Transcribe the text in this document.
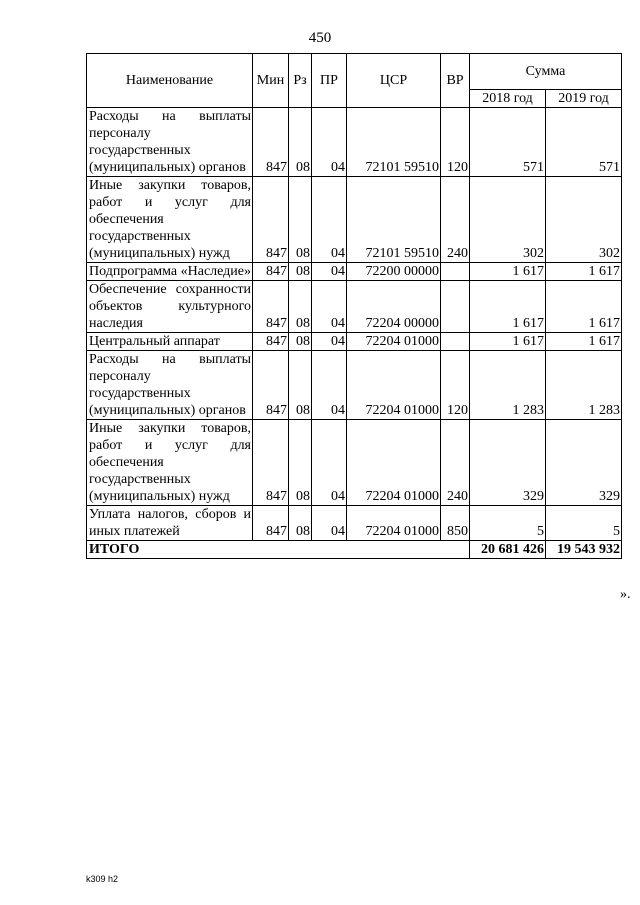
450
Наименование	Мин	Рз	ПР	ЦСР	ВР	Сумма	
						2018 год	2019 год
Расходы на выплаты персоналу государственных (муниципальных) органов	847	08	04	72101 59510	120	571	571
Иные закупки товаров, работ и услуг для обеспечения государственных (муниципальных) нужд	847	08	04	72101 59510	240	302	302
Подпрограмма «Наследие»	847	08	04	72200 00000		1 617	1 617
Обеспечение сохранности объектов культурного наследия	847	08	04	72204 00000		1 617	1 617
Центральный аппарат	847	08	04	72204 01000		1 617	1 617
Расходы на выплаты персоналу государственных (муниципальных) органов	847	08	04	72204 01000	120	1 283	1 283
Иные закупки товаров, работ и услуг для обеспечения государственных (муниципальных) нужд	847	08	04	72204 01000	240	329	329
Уплата налогов, сборов и иных платежей	847	08	04	72204 01000	850	5	5
ИТОГО						20 681 426	19 543 932
».
k309 h2
